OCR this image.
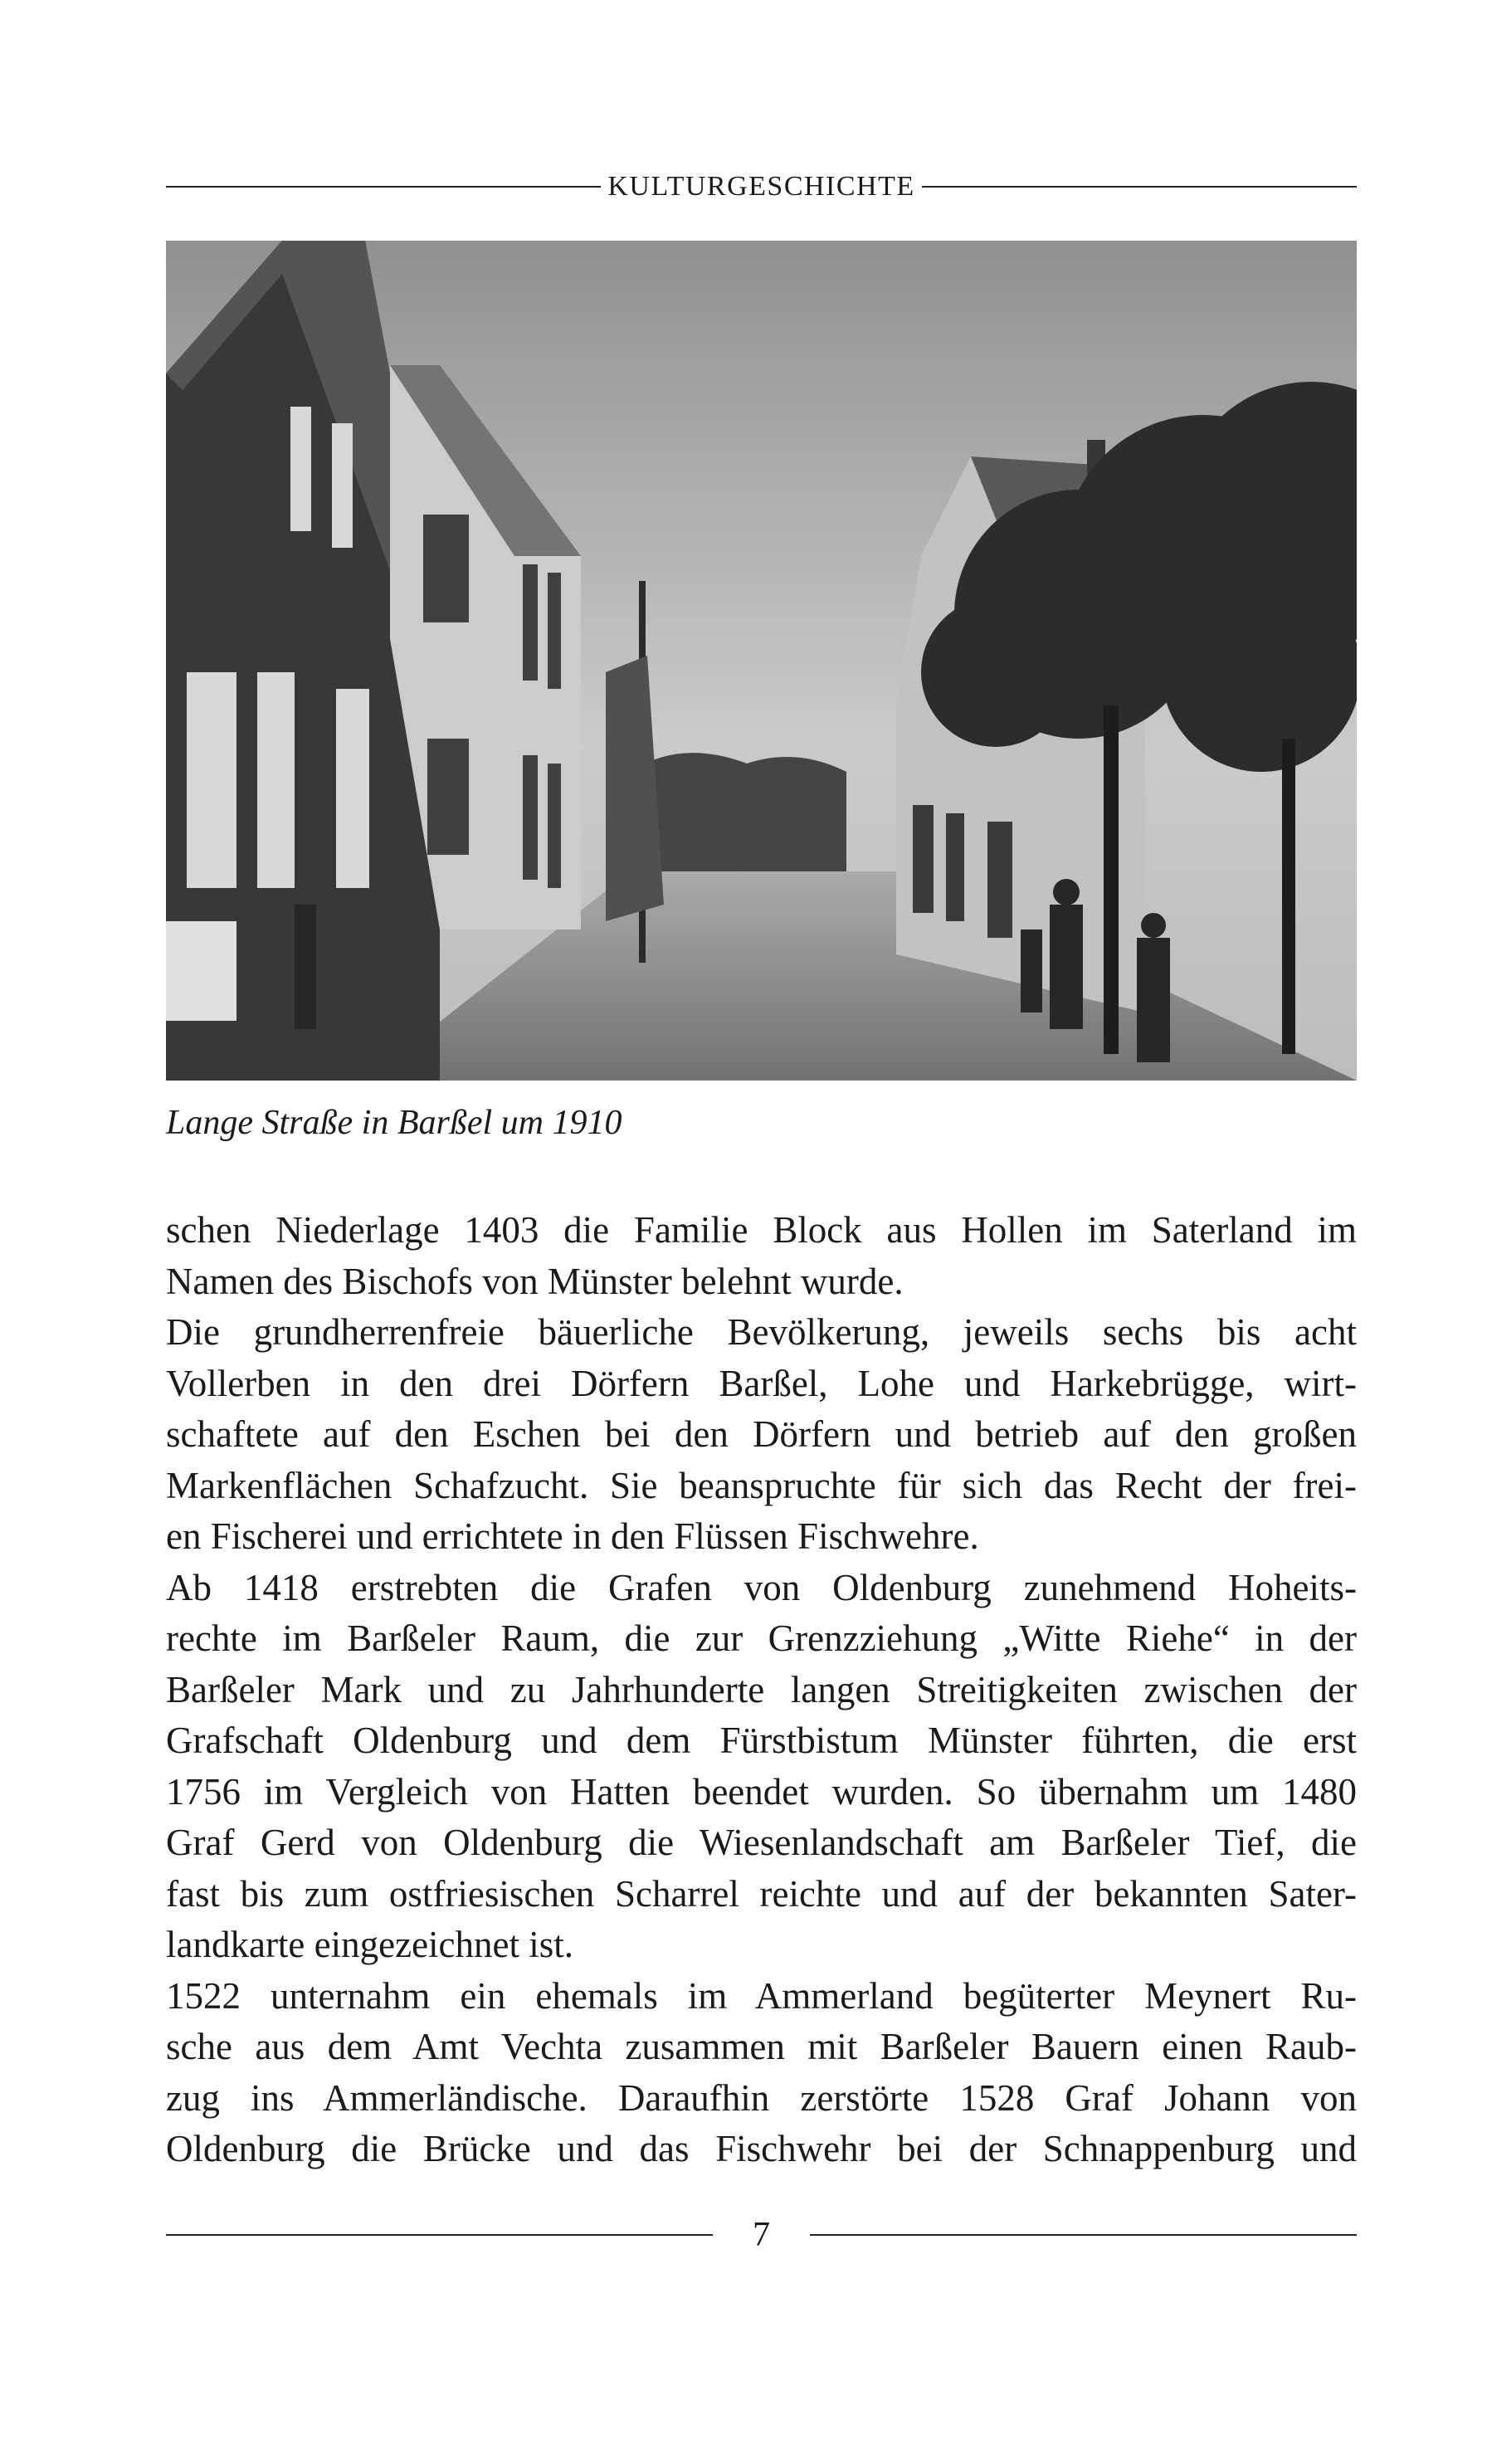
KULTURGESCHICHTE
Lange Straße in Barßel um 1910

schen Niederlage 1403 die Familie Block aus Hollen im Saterland im
Namen des Bischofs von Münster belehnt wurde.
Die grundherrenfreie bäuerliche Bevölkerung, jeweils sechs bis acht
Vollerben in den drei Dörfern Barßel, Lohe und Harkebrügge, wirt-
schaftete auf den Eschen bei den Dörfern und betrieb auf den großen
Markenflächen Schafzucht. Sie beanspruchte für sich das Recht der frei-
en Fischerei und errichtete in den Flüssen Fischwehre.
Ab 1418 erstrebten die Grafen von Oldenburg zunehmend Hoheits-
rechte im Barßeler Raum, die zur Grenzziehung „Witte Riehe“ in der
Barßeler Mark und zu Jahrhunderte langen Streitigkeiten zwischen der
Grafschaft Oldenburg und dem Fürstbistum Münster führten, die erst
1756 im Vergleich von Hatten beendet wurden. So übernahm um 1480
Graf Gerd von Oldenburg die Wiesenlandschaft am Barßeler Tief, die
fast bis zum ostfriesischen Scharrel reichte und auf der bekannten Sater-
landkarte eingezeichnet ist.
1522 unternahm ein ehemals im Ammerland begüterter Meynert Ru-
sche aus dem Amt Vechta zusammen mit Barßeler Bauern einen Raub-
zug ins Ammerländische. Daraufhin zerstörte 1528 Graf Johann von
Oldenburg die Brücke und das Fischwehr bei der Schnappenburg und

7
